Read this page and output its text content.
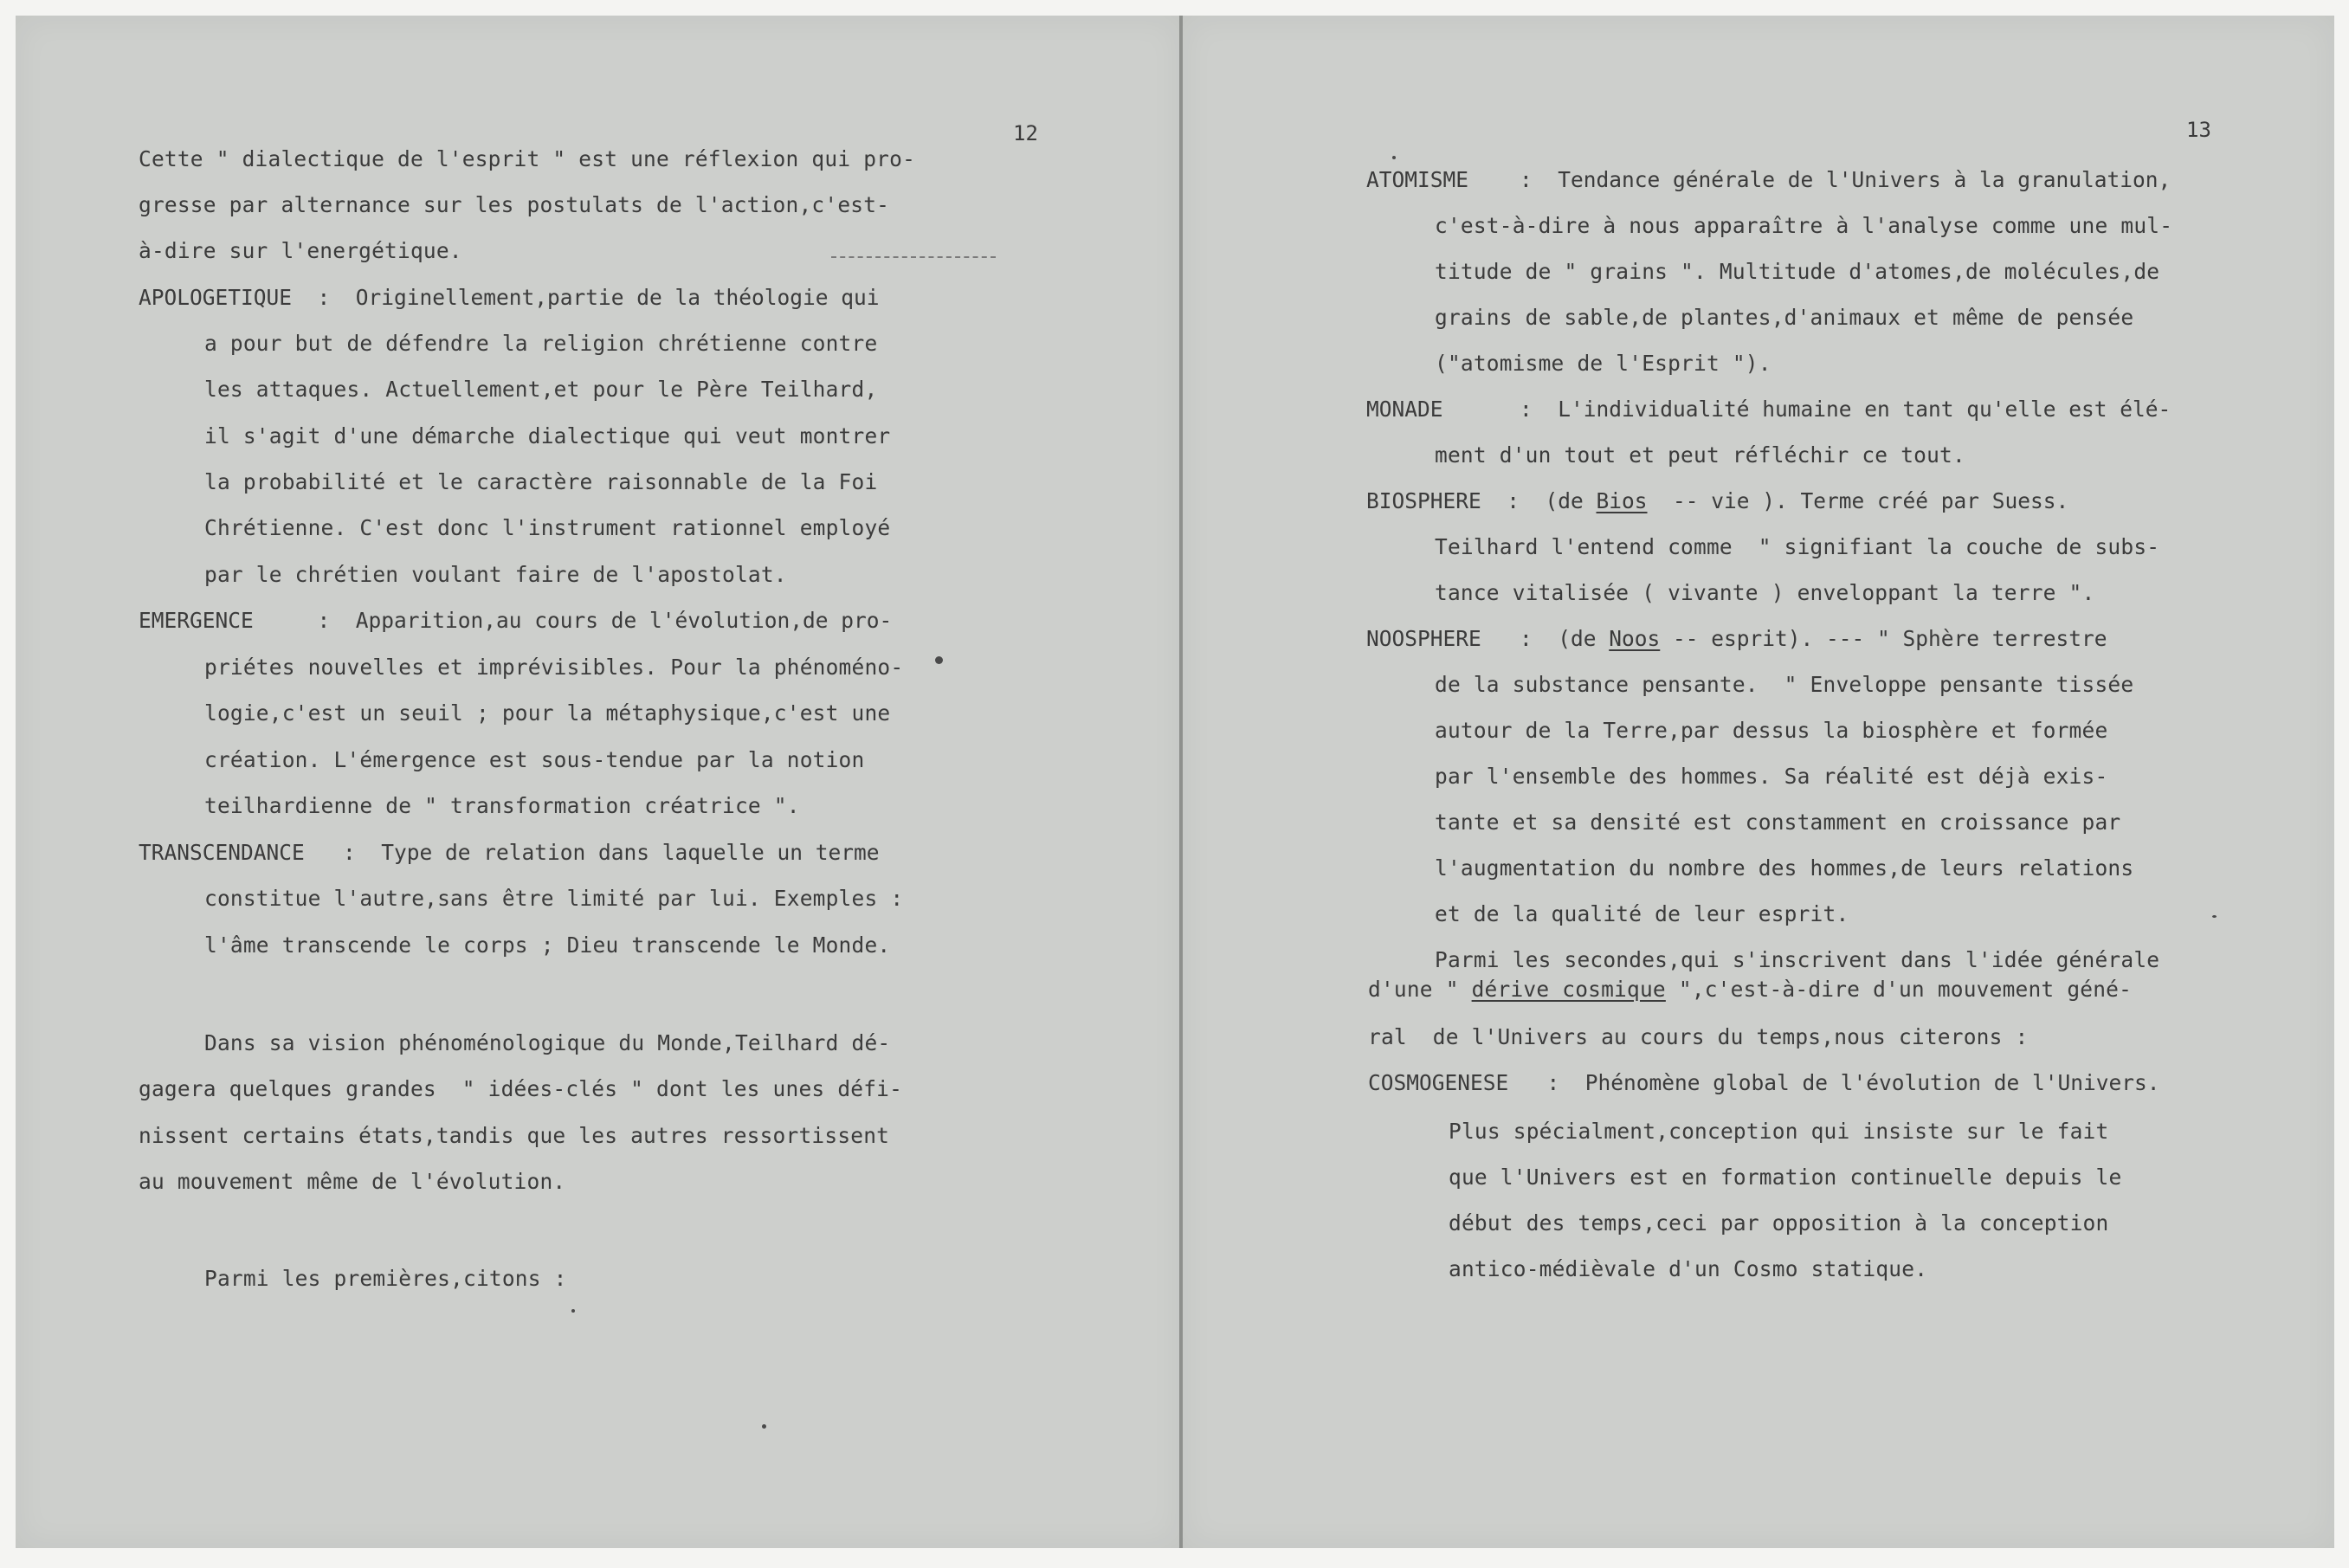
12
Cette " dialectique de l'esprit " est une réflexion qui pro-
gresse par alternance sur les postulats de l'action,c'est-
à-dire sur l'energétique.
APOLOGETIQUE  :  Originellement,partie de la théologie qui
a pour but de défendre la religion chrétienne contre
les attaques. Actuellement,et pour le Père Teilhard,
il s'agit d'une démarche dialectique qui veut montrer
la probabilité et le caractère raisonnable de la Foi
Chrétienne. C'est donc l'instrument rationnel employé
par le chrétien voulant faire de l'apostolat.
EMERGENCE     :  Apparition,au cours de l'évolution,de pro-
priétes nouvelles et imprévisibles. Pour la phénoméno-
logie,c'est un seuil ; pour la métaphysique,c'est une
création. L'émergence est sous-tendue par la notion
teilhardienne de " transformation créatrice ".
TRANSCENDANCE   :  Type de relation dans laquelle un terme
constitue l'autre,sans être limité par lui. Exemples :
l'âme transcende le corps ; Dieu transcende le Monde.
Dans sa vision phénoménologique du Monde,Teilhard dé-
gagera quelques grandes  " idées-clés " dont les unes défi-
nissent certains états,tandis que les autres ressortissent
au mouvement même de l'évolution.
Parmi les premières,citons :
13
ATOMISME    :  Tendance générale de l'Univers à la granulation,
c'est-à-dire à nous apparaître à l'analyse comme une mul-
titude de " grains ". Multitude d'atomes,de molécules,de
grains de sable,de plantes,d'animaux et même de pensée
("atomisme de l'Esprit ").
MONADE      :  L'individualité humaine en tant qu'elle est élé-
ment d'un tout et peut réfléchir ce tout.
BIOSPHERE  :  (de Bios  -- vie ). Terme créé par Suess.
Teilhard l'entend comme  " signifiant la couche de subs-
tance vitalisée ( vivante ) enveloppant la terre ".
NOOSPHERE   :  (de Noos -- esprit). --- " Sphère terrestre
de la substance pensante.  " Enveloppe pensante tissée
autour de la Terre,par dessus la biosphère et formée
par l'ensemble des hommes. Sa réalité est déjà exis-
tante et sa densité est constamment en croissance par
l'augmentation du nombre des hommes,de leurs relations
et de la qualité de leur esprit.
Parmi les secondes,qui s'inscrivent dans l'idée générale
d'une " dérive cosmique ",c'est-à-dire d'un mouvement géné-
ral  de l'Univers au cours du temps,nous citerons :
COSMOGENESE   :  Phénomène global de l'évolution de l'Univers.
Plus spécialment,conception qui insiste sur le fait
que l'Univers est en formation continuelle depuis le
début des temps,ceci par opposition à la conception
antico-médièvale d'un Cosmo statique.
